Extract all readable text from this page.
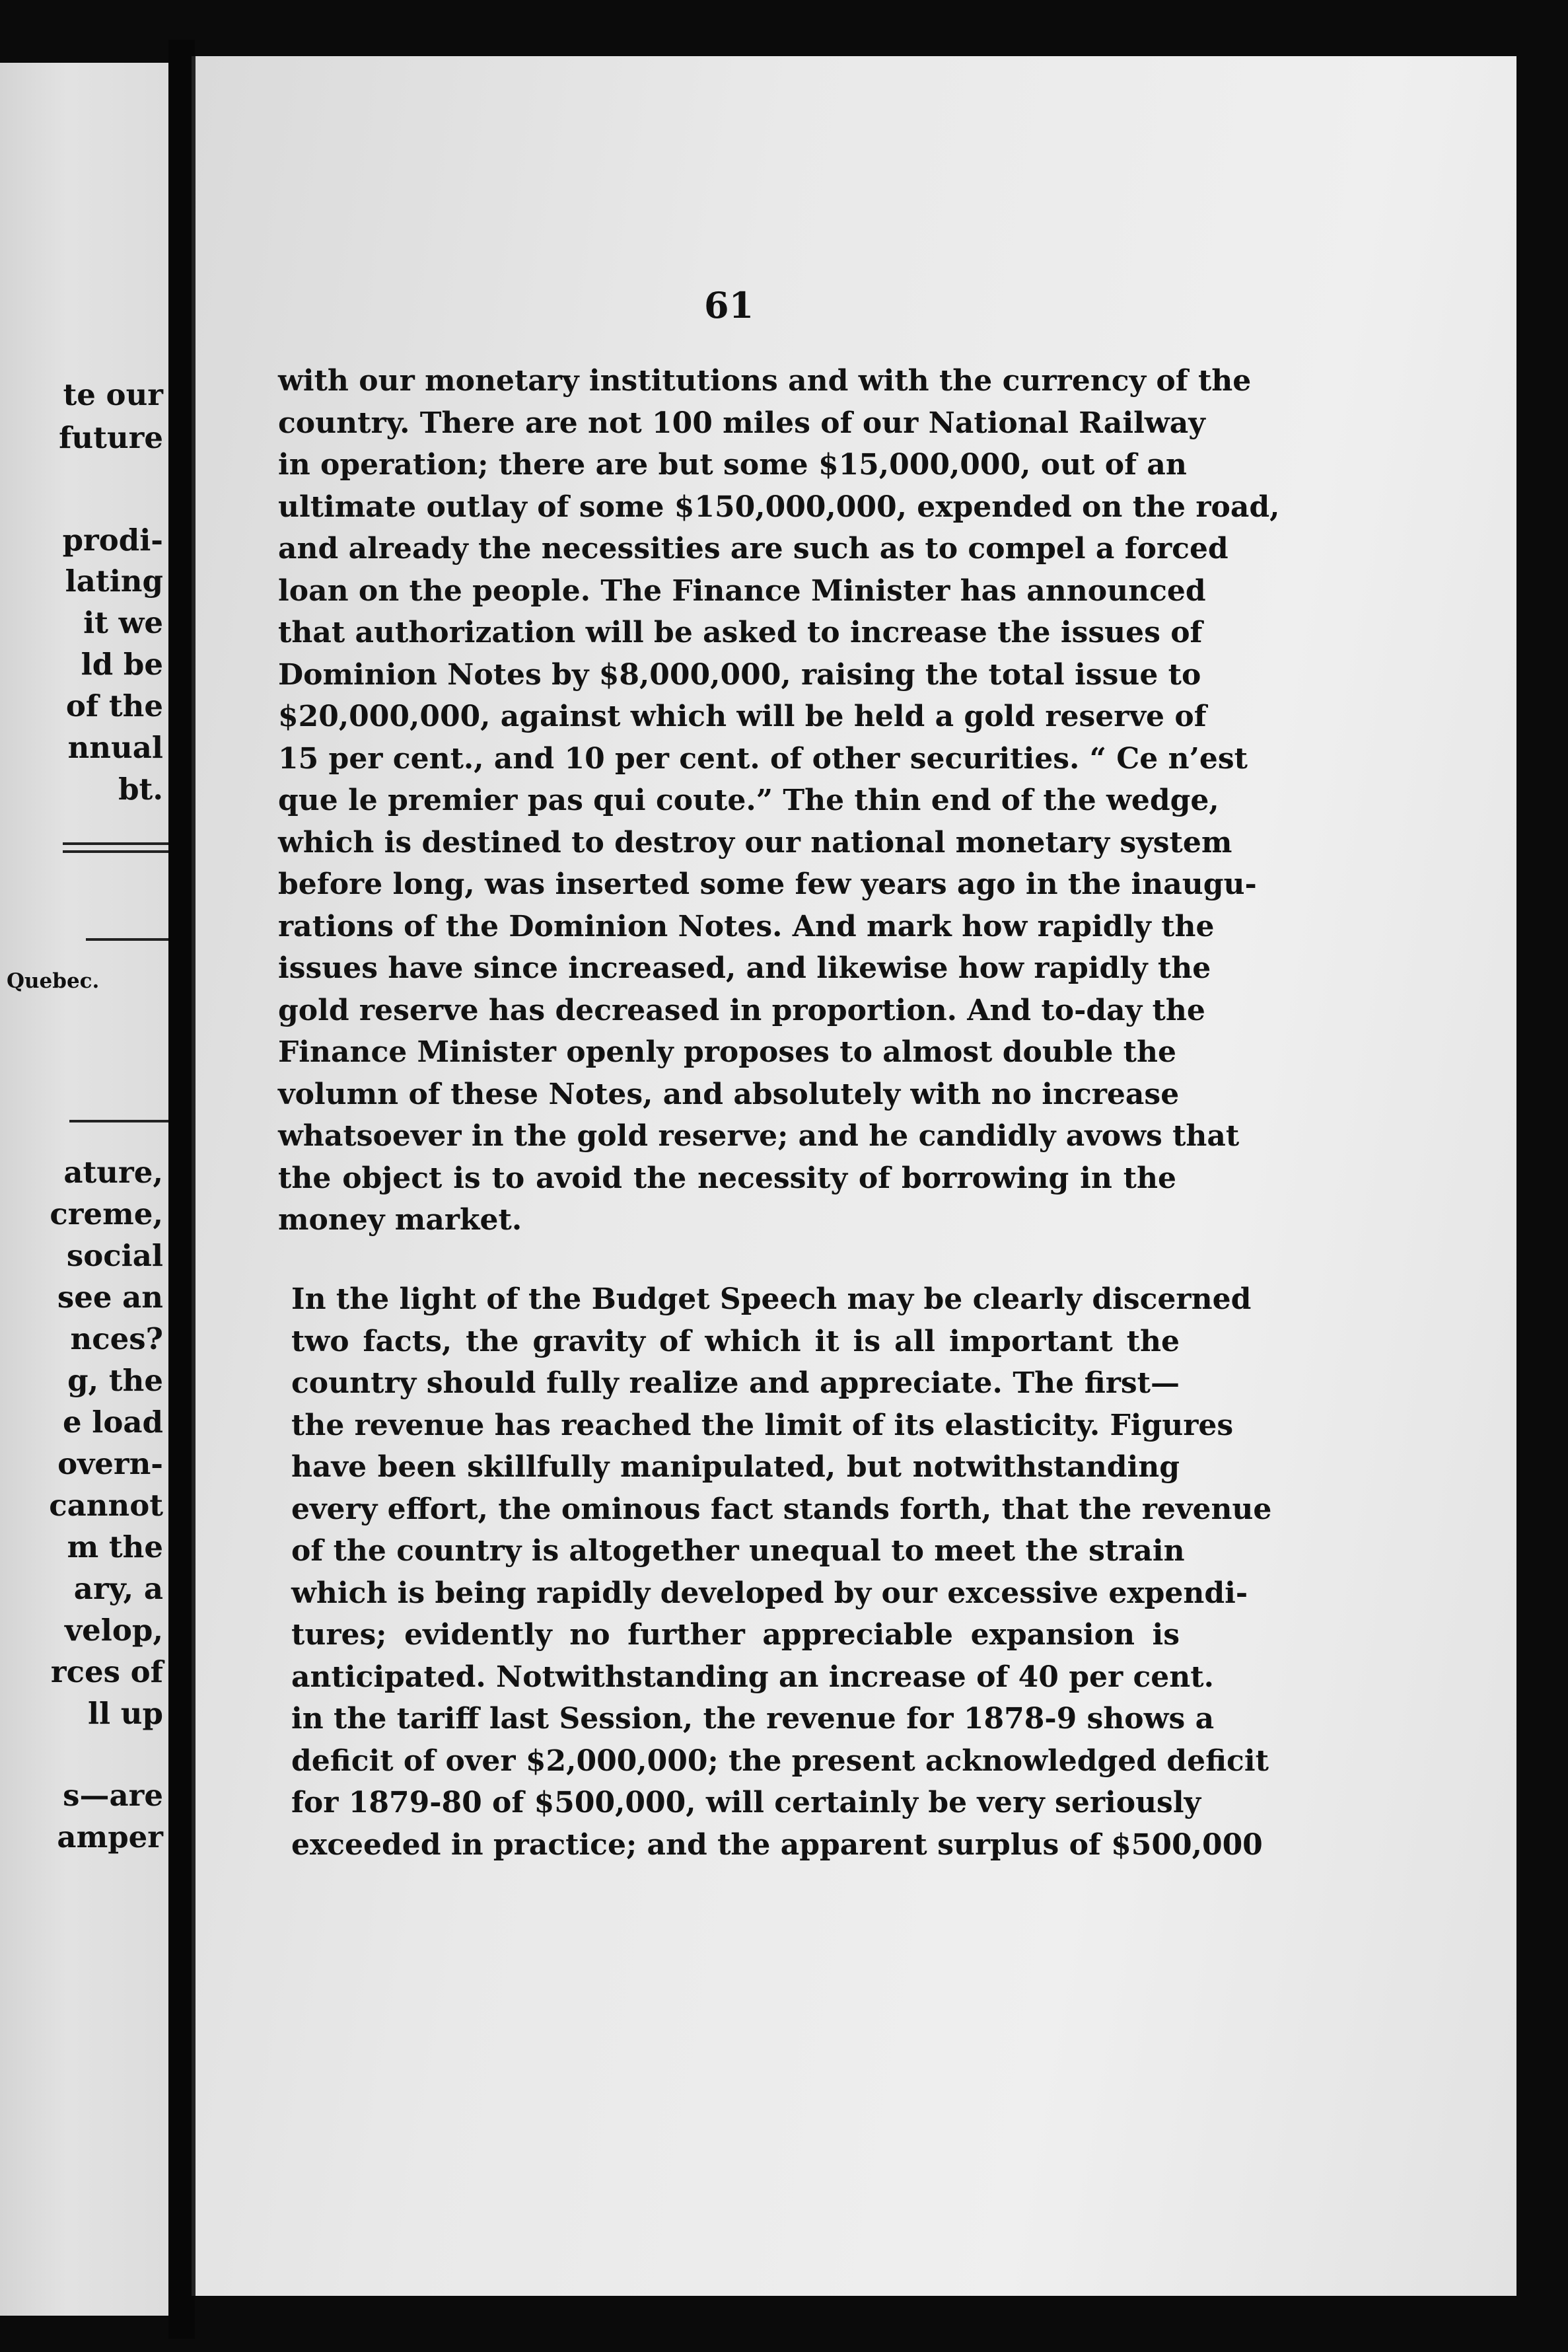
te our

future

prodi-

lating

it we

ld be

of the

nnual

bt.

Quebec.

ature,

creme,

social

see an

nces?

g, the

e load

overn-

cannot

m the

ary, a

velop,

rces of

ll up

s—are

amper

61

with our monetary institutions and with the currency of the
country. There are not 100 miles of our National Railway
in operation; there are but some $15,000,000, out of an
ultimate outlay of some $150,000,000, expended on the road,
and already the necessities are such as to compel a forced
loan on the people. The Finance Minister has announced
that authorization will be asked to increase the issues of
Dominion Notes by $8,000,000, raising the total issue to
$20,000,000, against which will be held a gold reserve of
15 per cent., and 10 per cent. of other securities. “ Ce n’est
que le premier pas qui coute.” The thin end of the wedge,
which is destined to destroy our national monetary system
before long, was inserted some few years ago in the inaugu-
rations of the Dominion Notes. And mark how rapidly the
issues have since increased, and likewise how rapidly the
gold reserve has decreased in proportion. And to-day the
Finance Minister openly proposes to almost double the
volumn of these Notes, and absolutely with no increase
whatsoever in the gold reserve; and he candidly avows that
the object is to avoid the necessity of borrowing in the
money market.
In the light of the Budget Speech may be clearly discerned
two facts, the gravity of which it is all important the
country should fully realize and appreciate. The first—
the revenue has reached the limit of its elasticity. Figures
have been skillfully manipulated, but notwithstanding
every effort, the ominous fact stands forth, that the revenue
of the country is altogether unequal to meet the strain
which is being rapidly developed by our excessive expendi-
tures; evidently no further appreciable expansion is
anticipated. Notwithstanding an increase of 40 per cent.
in the tariff last Session, the revenue for 1878-9 shows a
deficit of over $2,000,000; the present acknowledged deficit
for 1879-80 of $500,000, will certainly be very seriously
exceeded in practice; and the apparent surplus of $500,000
